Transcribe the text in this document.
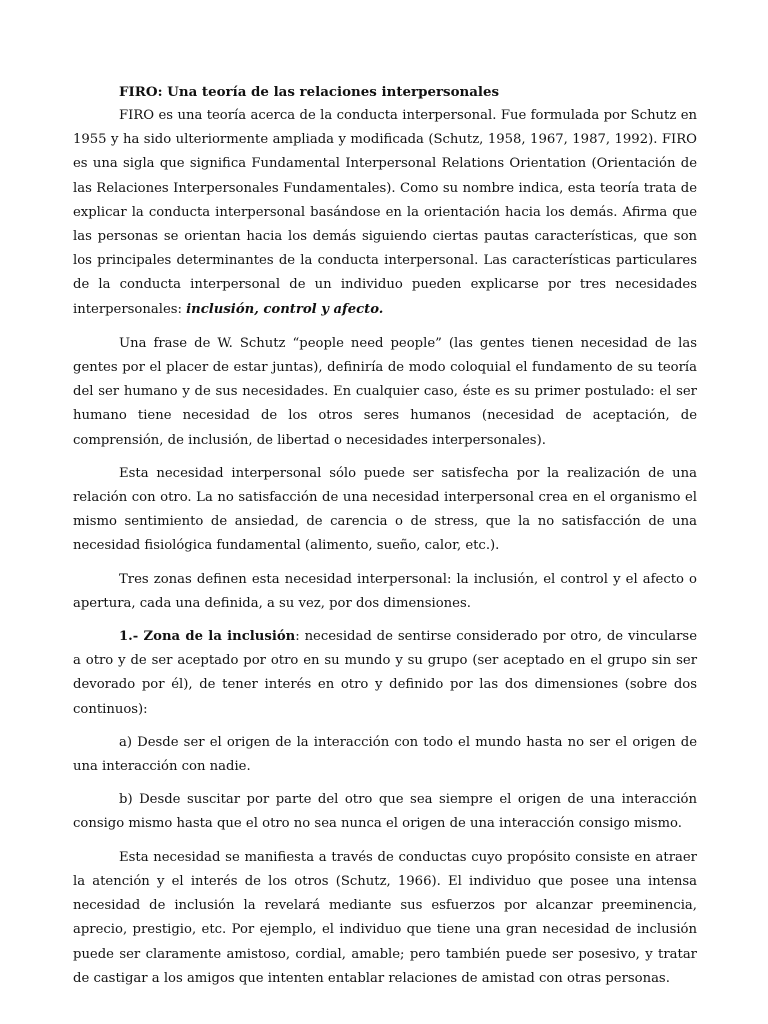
FIRO: Una teoría de las relaciones interpersonales

FIRO es una teoría acerca de la conducta interpersonal. Fue formulada por Schutz en 1955 y ha sido ulteriormente ampliada y modificada (Schutz, 1958, 1967, 1987, 1992). FIRO es una sigla que significa Fundamental Interpersonal Relations Orientation (Orientación de las Relaciones Interpersonales Fundamentales). Como su nombre indica, esta teoría trata de explicar la conducta interpersonal basándose en la orientación hacia los demás. Afirma que las personas se orientan hacia los demás siguiendo ciertas pautas características, que son los principales determinantes de la conducta interpersonal. Las características particulares de la conducta interpersonal de un individuo pueden explicarse por tres necesidades interpersonales: inclusión, control y afecto.

Una frase de W. Schutz “people need people” (las gentes tienen necesidad de las gentes por el placer de estar juntas), definiría de modo coloquial el fundamento de su teoría del ser humano y de sus necesidades. En cualquier caso, éste es su primer postulado: el ser humano tiene necesidad de los otros seres humanos (necesidad de aceptación, de comprensión, de inclusión, de libertad o necesidades interpersonales).

Esta necesidad interpersonal sólo puede ser satisfecha por la realización de una relación con otro. La no satisfacción de una necesidad interpersonal crea en el organismo el mismo sentimiento de ansiedad, de carencia o de stress, que la no satisfacción de una necesidad fisiológica fundamental (alimento, sueño, calor, etc.).

Tres zonas definen esta necesidad interpersonal: la inclusión, el control y el afecto o apertura, cada una definida, a su vez, por dos dimensiones.

1.- Zona de la inclusión: necesidad de sentirse considerado por otro, de vincularse a otro y de ser aceptado por otro en su mundo y su grupo (ser aceptado en el grupo sin ser devorado por él), de tener interés en otro y definido por las dos dimensiones (sobre dos continuos):

a) Desde ser el origen de la interacción con todo el mundo hasta no ser el origen de una interacción con nadie.

b) Desde suscitar por parte del otro que sea siempre el origen de una interacción consigo mismo hasta que el otro no sea nunca el origen de una interacción consigo mismo.

Esta necesidad se manifiesta a través de conductas cuyo propósito consiste en atraer la atención y el interés de los otros (Schutz, 1966). El individuo que posee una intensa necesidad de inclusión la revelará mediante sus esfuerzos por alcanzar preeminencia, aprecio, prestigio, etc. Por ejemplo, el individuo que tiene una gran necesidad de inclusión puede ser claramente amistoso, cordial, amable; pero también puede ser posesivo, y tratar de castigar a los amigos que intenten entablar relaciones de amistad con otras personas.
